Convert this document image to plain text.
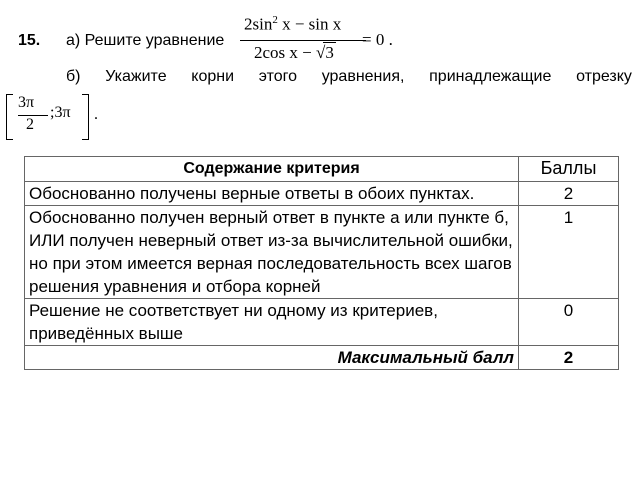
15. а) Решите уравнение
$2\sin^2$ x − sin x
2cos x − √3
= 0 .
б) Укажите корни этого уравнения, принадлежащие отрезку
3π
2
;3π .
Содержание критерия	Баллы
Обоснованно получены верные ответы в обоих пунктах.	2
Обоснованно получен верный ответ в пункте а или пункте б, ИЛИ получен неверный ответ из-за вычислительной ошибки, но при этом имеется верная последовательность всех шагов решения уравнения и отбора корней	1
Решение не соответствует ни одному из критериев, приведённых выше	0
Максимальный балл	2
